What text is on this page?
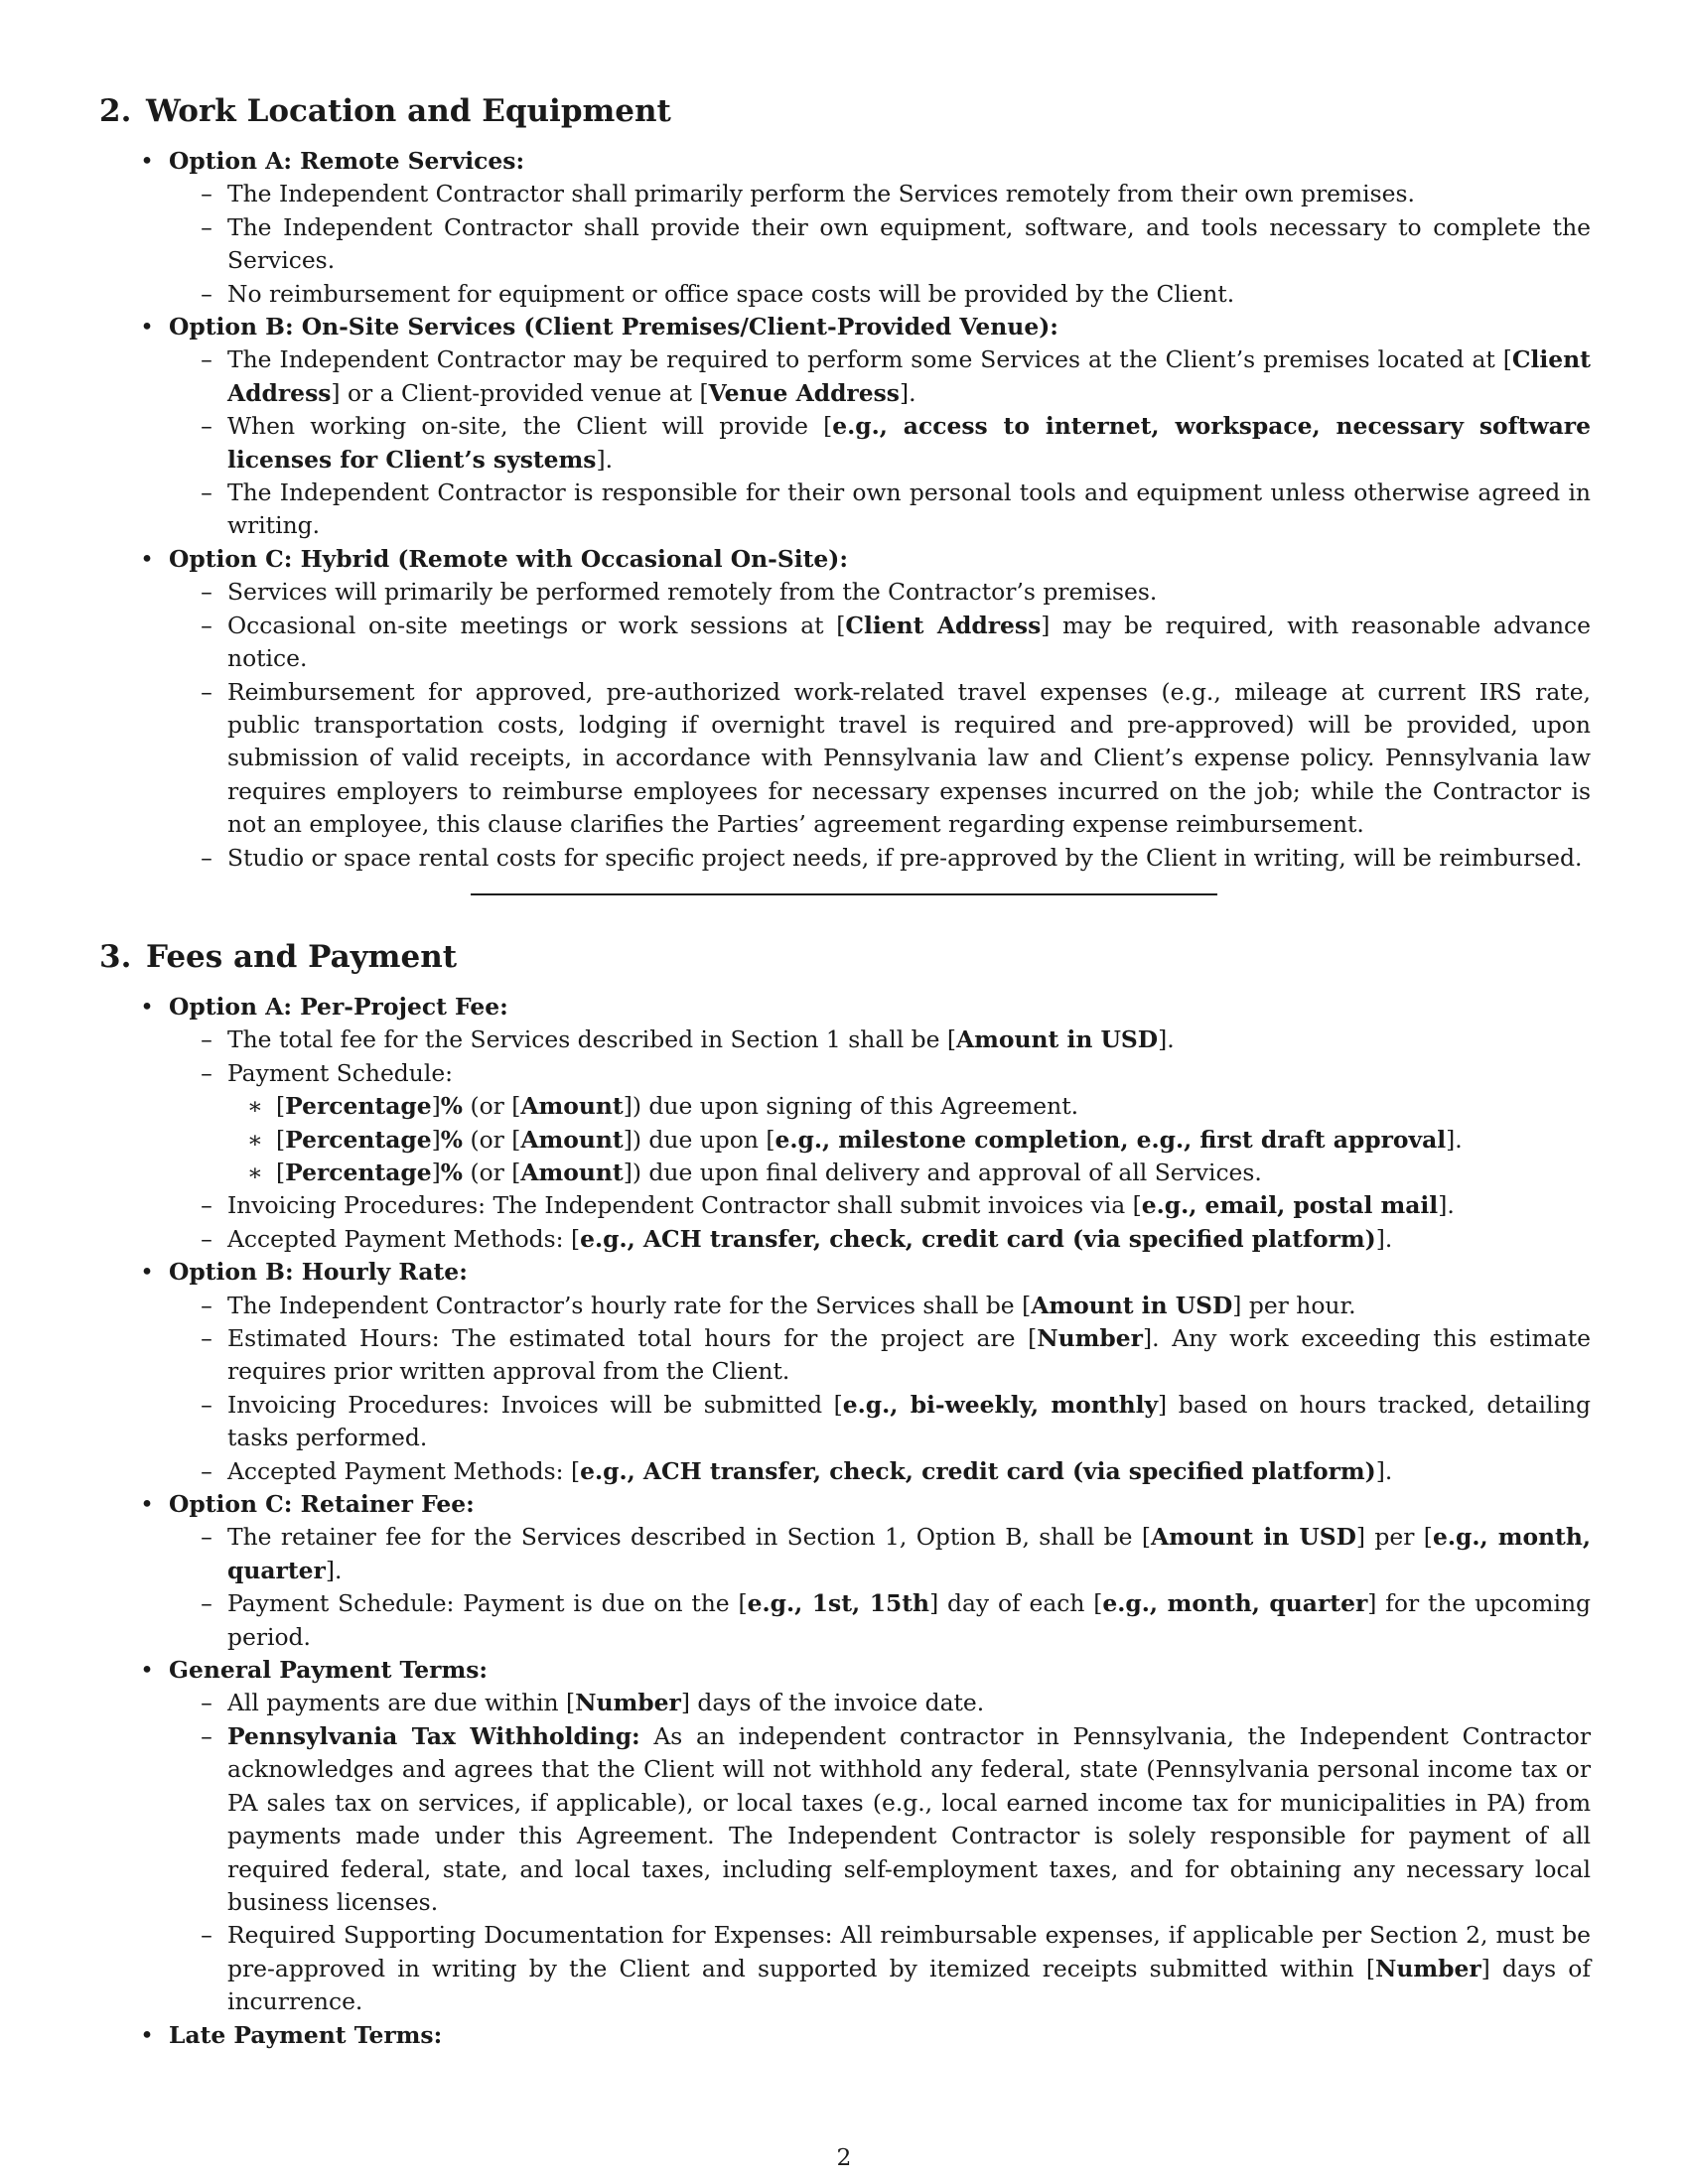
2. Work Location and Equipment
• Option A: Remote Services:
– The Independent Contractor shall primarily perform the Services remotely from their own premises.
– The Independent Contractor shall provide their own equipment, software, and tools necessary to complete the Services.
– No reimbursement for equipment or office space costs will be provided by the Client.
• Option B: On-Site Services (Client Premises/Client-Provided Venue):
– The Independent Contractor may be required to perform some Services at the Client’s premises located at [Client Address] or a Client-provided venue at [Venue Address].
– When working on-site, the Client will provide [e.g., access to internet, workspace, necessary software licenses for Client’s systems].
– The Independent Contractor is responsible for their own personal tools and equipment unless otherwise agreed in writing.
• Option C: Hybrid (Remote with Occasional On-Site):
– Services will primarily be performed remotely from the Contractor’s premises.
– Occasional on-site meetings or work sessions at [Client Address] may be required, with reasonable advance notice.
– Reimbursement for approved, pre-authorized work-related travel expenses (e.g., mileage at current IRS rate, public transportation costs, lodging if overnight travel is required and pre-approved) will be provided, upon submission of valid receipts, in accordance with Pennsylvania law and Client’s expense policy. Pennsylvania law requires employers to reimburse employees for necessary expenses incurred on the job; while the Contractor is not an employee, this clause clarifies the Parties’ agreement regarding expense reimbursement.
– Studio or space rental costs for specific project needs, if pre-approved by the Client in writing, will be reimbursed.
3. Fees and Payment
• Option A: Per-Project Fee:
– The total fee for the Services described in Section 1 shall be [Amount in USD].
– Payment Schedule:
∗ [Percentage]% (or [Amount]) due upon signing of this Agreement.
∗ [Percentage]% (or [Amount]) due upon [e.g., milestone completion, e.g., first draft approval].
∗ [Percentage]% (or [Amount]) due upon final delivery and approval of all Services.
– Invoicing Procedures: The Independent Contractor shall submit invoices via [e.g., email, postal mail].
– Accepted Payment Methods: [e.g., ACH transfer, check, credit card (via specified platform)].
• Option B: Hourly Rate:
– The Independent Contractor’s hourly rate for the Services shall be [Amount in USD] per hour.
– Estimated Hours: The estimated total hours for the project are [Number]. Any work exceeding this estimate requires prior written approval from the Client.
– Invoicing Procedures: Invoices will be submitted [e.g., bi-weekly, monthly] based on hours tracked, detailing tasks performed.
– Accepted Payment Methods: [e.g., ACH transfer, check, credit card (via specified platform)].
• Option C: Retainer Fee:
– The retainer fee for the Services described in Section 1, Option B, shall be [Amount in USD] per [e.g., month, quarter].
– Payment Schedule: Payment is due on the [e.g., 1st, 15th] day of each [e.g., month, quarter] for the upcoming period.
• General Payment Terms:
– All payments are due within [Number] days of the invoice date.
– Pennsylvania Tax Withholding: As an independent contractor in Pennsylvania, the Independent Contractor acknowledges and agrees that the Client will not withhold any federal, state (Pennsylvania personal income tax or PA sales tax on services, if applicable), or local taxes (e.g., local earned income tax for municipalities in PA) from payments made under this Agreement. The Independent Contractor is solely responsible for payment of all required federal, state, and local taxes, including self-employment taxes, and for obtaining any necessary local business licenses.
– Required Supporting Documentation for Expenses: All reimbursable expenses, if applicable per Section 2, must be pre-approved in writing by the Client and supported by itemized receipts submitted within [Number] days of incurrence.
• Late Payment Terms:
2
